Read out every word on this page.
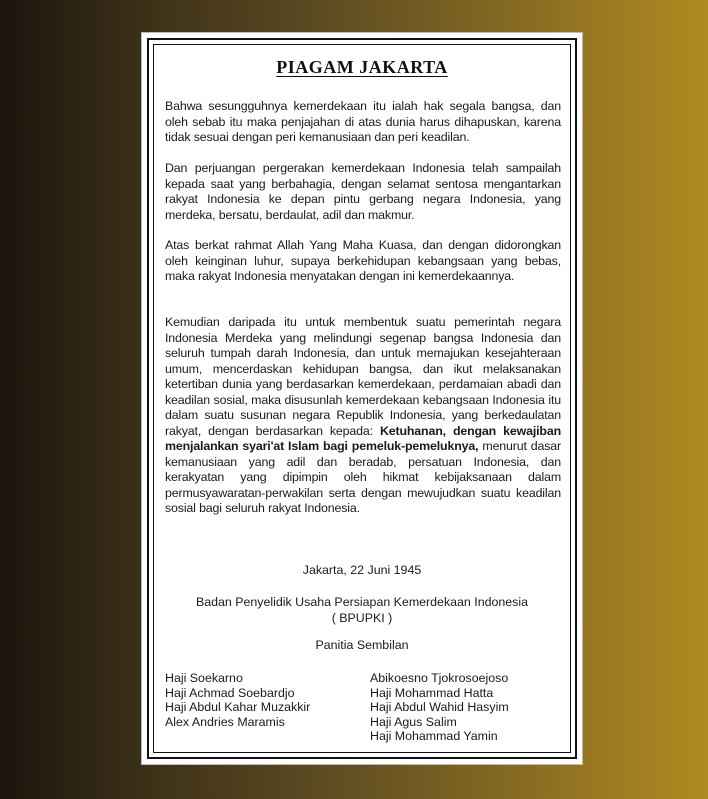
PIAGAM JAKARTA
Bahwa sesungguhnya kemerdekaan itu ialah hak segala bangsa, dan oleh sebab itu maka penjajahan di atas dunia harus dihapuskan, karena tidak sesuai dengan peri kemanusiaan dan peri keadilan.
Dan perjuangan pergerakan kemerdekaan Indonesia telah sampailah kepada saat yang berbahagia, dengan selamat sentosa mengantarkan rakyat Indonesia ke depan pintu gerbang negara Indonesia, yang merdeka, bersatu, berdaulat, adil dan makmur.
Atas berkat rahmat Allah Yang Maha Kuasa, dan dengan didorongkan oleh keinginan luhur, supaya berkehidupan kebangsaan yang bebas, maka rakyat Indonesia menyatakan dengan ini kemerdekaannya.
Kemudian daripada itu untuk membentuk suatu pemerintah negara Indonesia Merdeka yang melindungi segenap bangsa Indonesia dan seluruh tumpah darah Indonesia, dan untuk memajukan kesejahteraan umum, mencerdaskan kehidupan bangsa, dan ikut melaksanakan ketertiban dunia yang berdasarkan kemerdekaan, perdamaian abadi dan keadilan sosial, maka disusunlah kemerdekaan kebangsaan Indonesia itu dalam suatu susunan negara Republik Indonesia, yang berkedaulatan rakyat, dengan berdasarkan kepada: Ketuhanan, dengan kewajiban menjalankan syari'at Islam bagi pemeluk-pemeluknya, menurut dasar kemanusiaan yang adil dan beradab, persatuan Indonesia, dan kerakyatan yang dipimpin oleh hikmat kebijaksanaan dalam permusyawaratan-perwakilan serta dengan mewujudkan suatu keadilan sosial bagi seluruh rakyat Indonesia.
Jakarta, 22 Juni 1945
Badan Penyelidik Usaha Persiapan Kemerdekaan Indonesia
( BPUPKI )
Panitia Sembilan
Haji Soekarno
Haji Achmad Soebardjo
Haji Abdul Kahar Muzakkir
Alex Andries Maramis
Abikoesno Tjokrosoejoso
Haji Mohammad Hatta
Haji Abdul Wahid Hasyim
Haji Agus Salim
Haji Mohammad Yamin
